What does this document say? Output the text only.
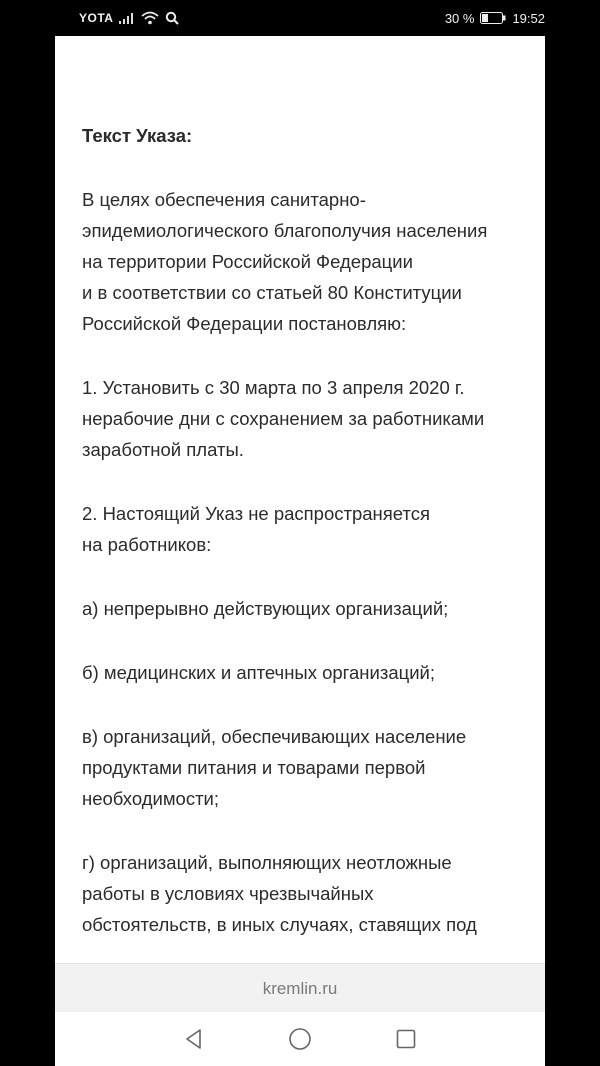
YOTA	30 %	19:52
Текст Указа:
В целях обеспечения санитарно-
эпидемиологического благополучия населения
на территории Российской Федерации
и в соответствии со статьей 80 Конституции
Российской Федерации постановляю:
1. Установить с 30 марта по 3 апреля 2020 г.
нерабочие дни с сохранением за работниками
заработной платы.
2. Настоящий Указ не распространяется
на работников:
а) непрерывно действующих организаций;
б) медицинских и аптечных организаций;
в) организаций, обеспечивающих население
продуктами питания и товарами первой
необходимости;
г) организаций, выполняющих неотложные
работы в условиях чрезвычайных
обстоятельств, в иных случаях, ставящих под
kremlin.ru
